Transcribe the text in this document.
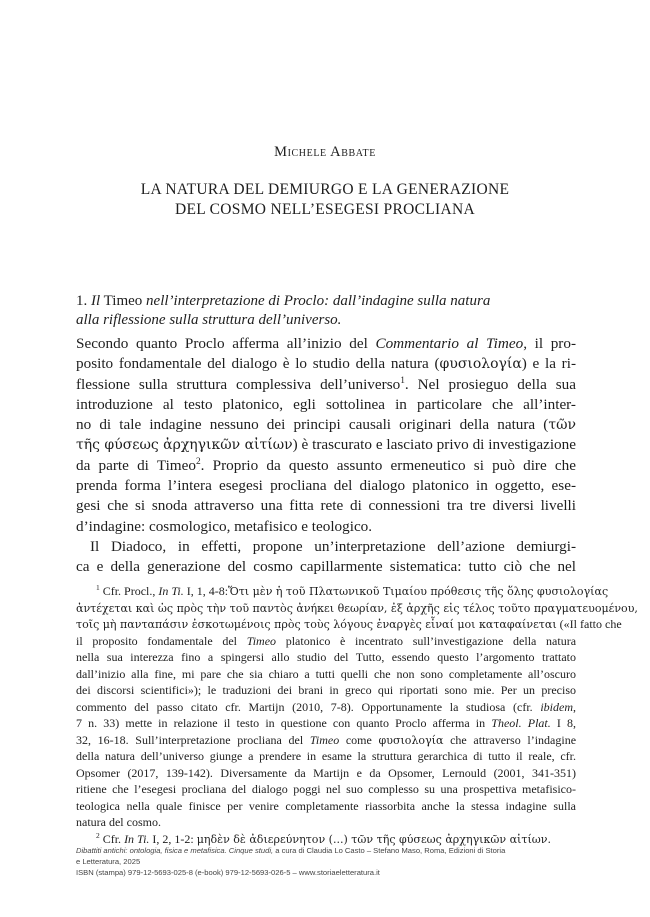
Michele Abbate
LA NATURA DEL DEMIURGO E LA GENERAZIONE
DEL COSMO NELL’ESEGESI PROCLIANA
1. Il Timeo nell’interpretazione di Proclo: dall’indagine sulla natura
alla riflessione sulla struttura dell’universo.
Secondo quanto Proclo afferma all’inizio del Commentario al Timeo, il pro-
posito fondamentale del dialogo è lo studio della natura (φυσιολογία) e la ri-
flessione sulla struttura complessiva dell’universo$^1$. Nel prosieguo della sua
introduzione al testo platonico, egli sottolinea in particolare che all’inter-
no di tale indagine nessuno dei principi causali originari della natura (τῶν
τῆς φύσεως ἀρχηγικῶν αἰτίων) è trascurato e lasciato privo di investigazione
da parte di Timeo$^2$. Proprio da questo assunto ermeneutico si può dire che
prenda forma l’intera esegesi procliana del dialogo platonico in oggetto, ese-
gesi che si snoda attraverso una fitta rete di connessioni tra tre diversi livelli
d’indagine: cosmologico, metafisico e teologico.
Il Diadoco, in effetti, propone un’interpretazione dell’azione demiurgi-
ca e della generazione del cosmo capillarmente sistematica: tutto ciò che nel
$^1$ Cfr. Procl., In Ti. I, 1, 4-8:Ὅτι μὲν ἡ τοῦ Πλατωνικοῦ Τιμαίου πρόθεσις τῆς ὅλης φυσιολογίας
ἀντέχεται καὶ ὡς πρὸς τὴν τοῦ παντὸς ἀνήκει θεωρίαν, ἐξ ἀρχῆς εἰς τέλος τοῦτο πραγματευομένου,
τοῖς μὴ πανταπάσιν ἐσκοτωμένοις πρὸς τοὺς λόγους ἐναργὲς εἶναί μοι καταφαίνεται («Il fatto che
il proposito fondamentale del Timeo platonico è incentrato sull’investigazione della natura
nella sua interezza fino a spingersi allo studio del Tutto, essendo questo l’argomento trattato
dall’inizio alla fine, mi pare che sia chiaro a tutti quelli che non sono completamente all’oscuro
dei discorsi scientifici»); le traduzioni dei brani in greco qui riportati sono mie. Per un preciso
commento del passo citato cfr. Martijn (2010, 7-8). Opportunamente la studiosa (cfr. ibidem,
7 n. 33) mette in relazione il testo in questione con quanto Proclo afferma in Theol. Plat. I 8,
32, 16-18. Sull’interpretazione procliana del Timeo come φυσιολογία che attraverso l’indagine
della natura dell’universo giunge a prendere in esame la struttura gerarchica di tutto il reale, cfr.
Opsomer (2017, 139-142). Diversamente da Martijn e da Opsomer, Lernould (2001, 341-351)
ritiene che l’esegesi procliana del dialogo poggi nel suo complesso su una prospettiva metafisico-
teologica nella quale finisce per venire completamente riassorbita anche la stessa indagine sulla
natura del cosmo.
$^2$ Cfr. In Ti. I, 2, 1-2: μηδὲν δὲ ἀδιερεύνητον (...) τῶν τῆς φύσεως ἀρχηγικῶν αἰτίων.
Dibattiti antichi: ontologia, fisica e metafisica. Cinque studi, a cura di Claudia Lo Casto – Stefano Maso, Roma, Edizioni di Storia
e Letteratura, 2025
ISBN (stampa) 979-12-5693-025-8 (e-book) 979-12-5693-026-5 – www.storiaeletteratura.it
